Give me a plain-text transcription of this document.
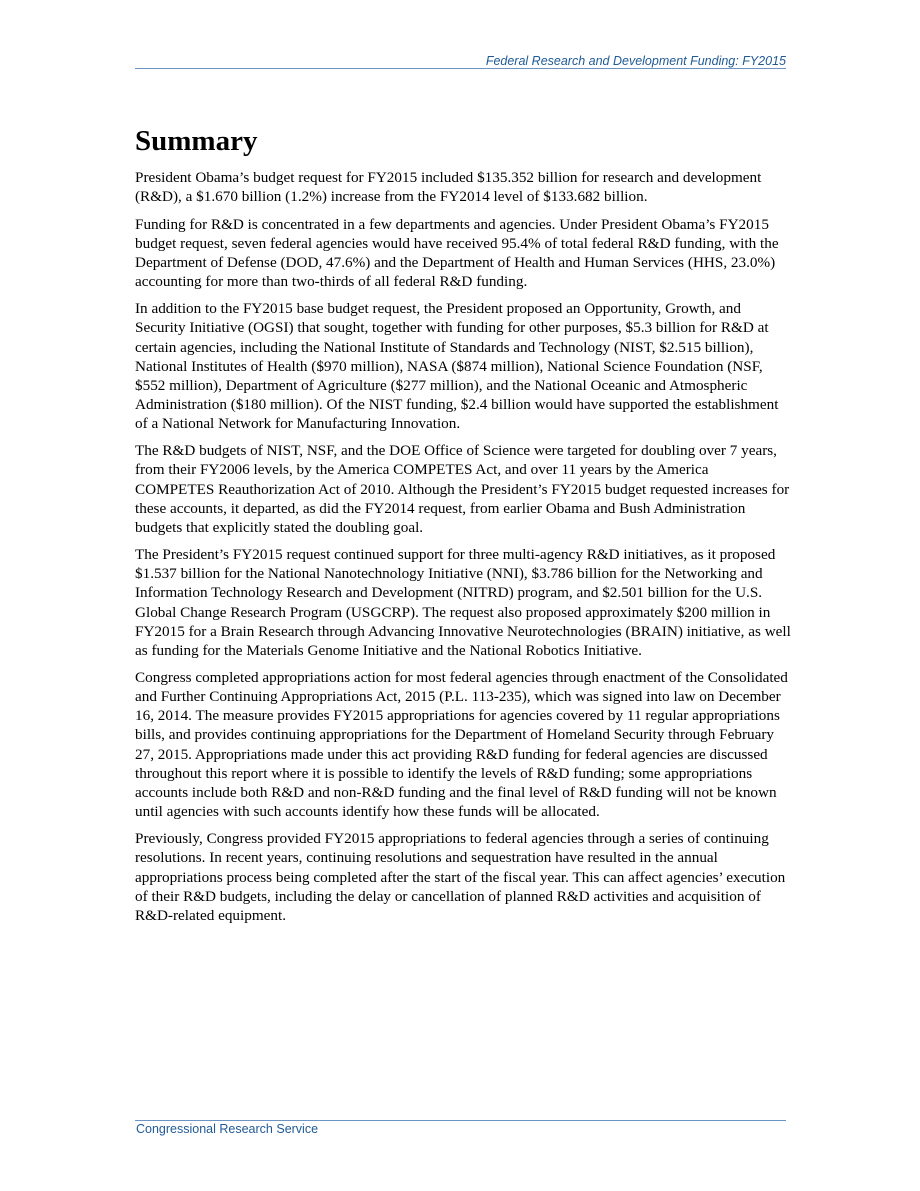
Federal Research and Development Funding: FY2015
Summary

President Obama’s budget request for FY2015 included $135.352 billion for research and development (R&D), a $1.670 billion (1.2%) increase from the FY2014 level of $133.682 billion.

Funding for R&D is concentrated in a few departments and agencies. Under President Obama’s FY2015 budget request, seven federal agencies would have received 95.4% of total federal R&D funding, with the Department of Defense (DOD, 47.6%) and the Department of Health and Human Services (HHS, 23.0%) accounting for more than two-thirds of all federal R&D funding.

In addition to the FY2015 base budget request, the President proposed an Opportunity, Growth, and Security Initiative (OGSI) that sought, together with funding for other purposes, $5.3 billion for R&D at certain agencies, including the National Institute of Standards and Technology (NIST, $2.515 billion), National Institutes of Health ($970 million), NASA ($874 million), National Science Foundation (NSF, $552 million), Department of Agriculture ($277 million), and the National Oceanic and Atmospheric Administration ($180 million). Of the NIST funding, $2.4 billion would have supported the establishment of a National Network for Manufacturing Innovation.

The R&D budgets of NIST, NSF, and the DOE Office of Science were targeted for doubling over 7 years, from their FY2006 levels, by the America COMPETES Act, and over 11 years by the America COMPETES Reauthorization Act of 2010. Although the President’s FY2015 budget requested increases for these accounts, it departed, as did the FY2014 request, from earlier Obama and Bush Administration budgets that explicitly stated the doubling goal.

The President’s FY2015 request continued support for three multi-agency R&D initiatives, as it proposed $1.537 billion for the National Nanotechnology Initiative (NNI), $3.786 billion for the Networking and Information Technology Research and Development (NITRD) program, and $2.501 billion for the U.S. Global Change Research Program (USGCRP). The request also proposed approximately $200 million in FY2015 for a Brain Research through Advancing Innovative Neurotechnologies (BRAIN) initiative, as well as funding for the Materials Genome Initiative and the National Robotics Initiative.

Congress completed appropriations action for most federal agencies through enactment of the Consolidated and Further Continuing Appropriations Act, 2015 (P.L. 113-235), which was signed into law on December 16, 2014. The measure provides FY2015 appropriations for agencies covered by 11 regular appropriations bills, and provides continuing appropriations for the Department of Homeland Security through February 27, 2015. Appropriations made under this act providing R&D funding for federal agencies are discussed throughout this report where it is possible to identify the levels of R&D funding; some appropriations accounts include both R&D and non-R&D funding and the final level of R&D funding will not be known until agencies with such accounts identify how these funds will be allocated.

Previously, Congress provided FY2015 appropriations to federal agencies through a series of continuing resolutions. In recent years, continuing resolutions and sequestration have resulted in the annual appropriations process being completed after the start of the fiscal year. This can affect agencies’ execution of their R&D budgets, including the delay or cancellation of planned R&D activities and acquisition of R&D-related equipment.

Congressional Research Service
